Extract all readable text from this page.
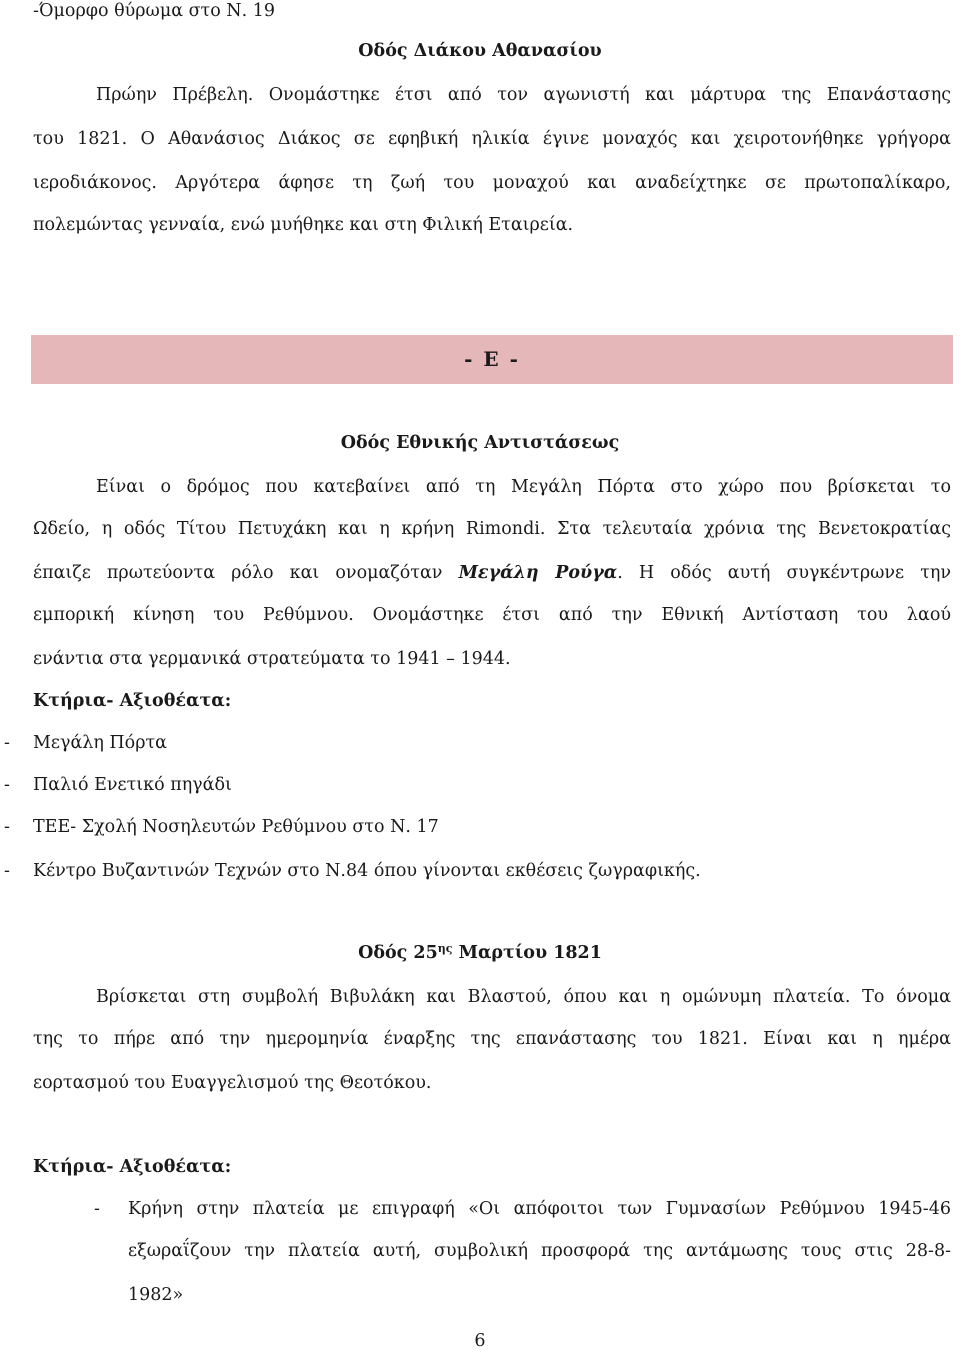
-Όμορφο θύρωμα στο Ν. 19

Οδός Διάκου Αθανασίου

Πρώην Πρέβελη. Ονομάστηκε έτσι από τον αγωνιστή και μάρτυρα της Επανάστασης

του 1821. Ο Αθανάσιος Διάκος σε εφηβική ηλικία έγινε μοναχός και χειροτονήθηκε γρήγορα

ιεροδιάκονος. Αργότερα άφησε τη ζωή του μοναχού και αναδείχτηκε σε πρωτοπαλίκαρο,

πολεμώντας γενναία, ενώ μυήθηκε και στη Φιλική Εταιρεία.

- Ε -

Οδός Εθνικής Αντιστάσεως

Είναι ο δρόμος που κατεβαίνει από τη Μεγάλη Πόρτα στο χώρο που βρίσκεται το

Ωδείο, η οδός Τίτου Πετυχάκη και η κρήνη Rimondi. Στα τελευταία χρόνια της Βενετοκρατίας

έπαιζε πρωτεύοντα ρόλο και ονομαζόταν Μεγάλη Ρούγα. Η οδός αυτή συγκέντρωνε την

εμπορική κίνηση του Ρεθύμνου. Ονομάστηκε έτσι από την Εθνική Αντίσταση του λαού

ενάντια στα γερμανικά στρατεύματα το 1941 – 1944.

Κτήρια- Αξιοθέατα:

- Μεγάλη Πόρτα
- Παλιό Ενετικό πηγάδι
- ΤΕΕ- Σχολή Νοσηλευτών Ρεθύμνου στο Ν. 17
- Κέντρο Βυζαντινών Τεχνών στο Ν.84 όπου γίνονται εκθέσεις ζωγραφικής.

Οδός $25^{\eta\varsigma}$ Μαρτίου 1821

Βρίσκεται στη συμβολή Βιβυλάκη και Βλαστού, όπου και η ομώνυμη πλατεία. Το όνομα

της το πήρε από την ημερομηνία έναρξης της επανάστασης του 1821. Είναι και η ημέρα

εορτασμού του Ευαγγελισμού της Θεοτόκου.

Κτήρια- Αξιοθέατα:

- Κρήνη στην πλατεία με επιγραφή «Οι απόφοιτοι των Γυμνασίων Ρεθύμνου 1945-46
εξωραΐζουν την πλατεία αυτή, συμβολική προσφορά της αντάμωσης τους στις 28-8-
1982»

6
